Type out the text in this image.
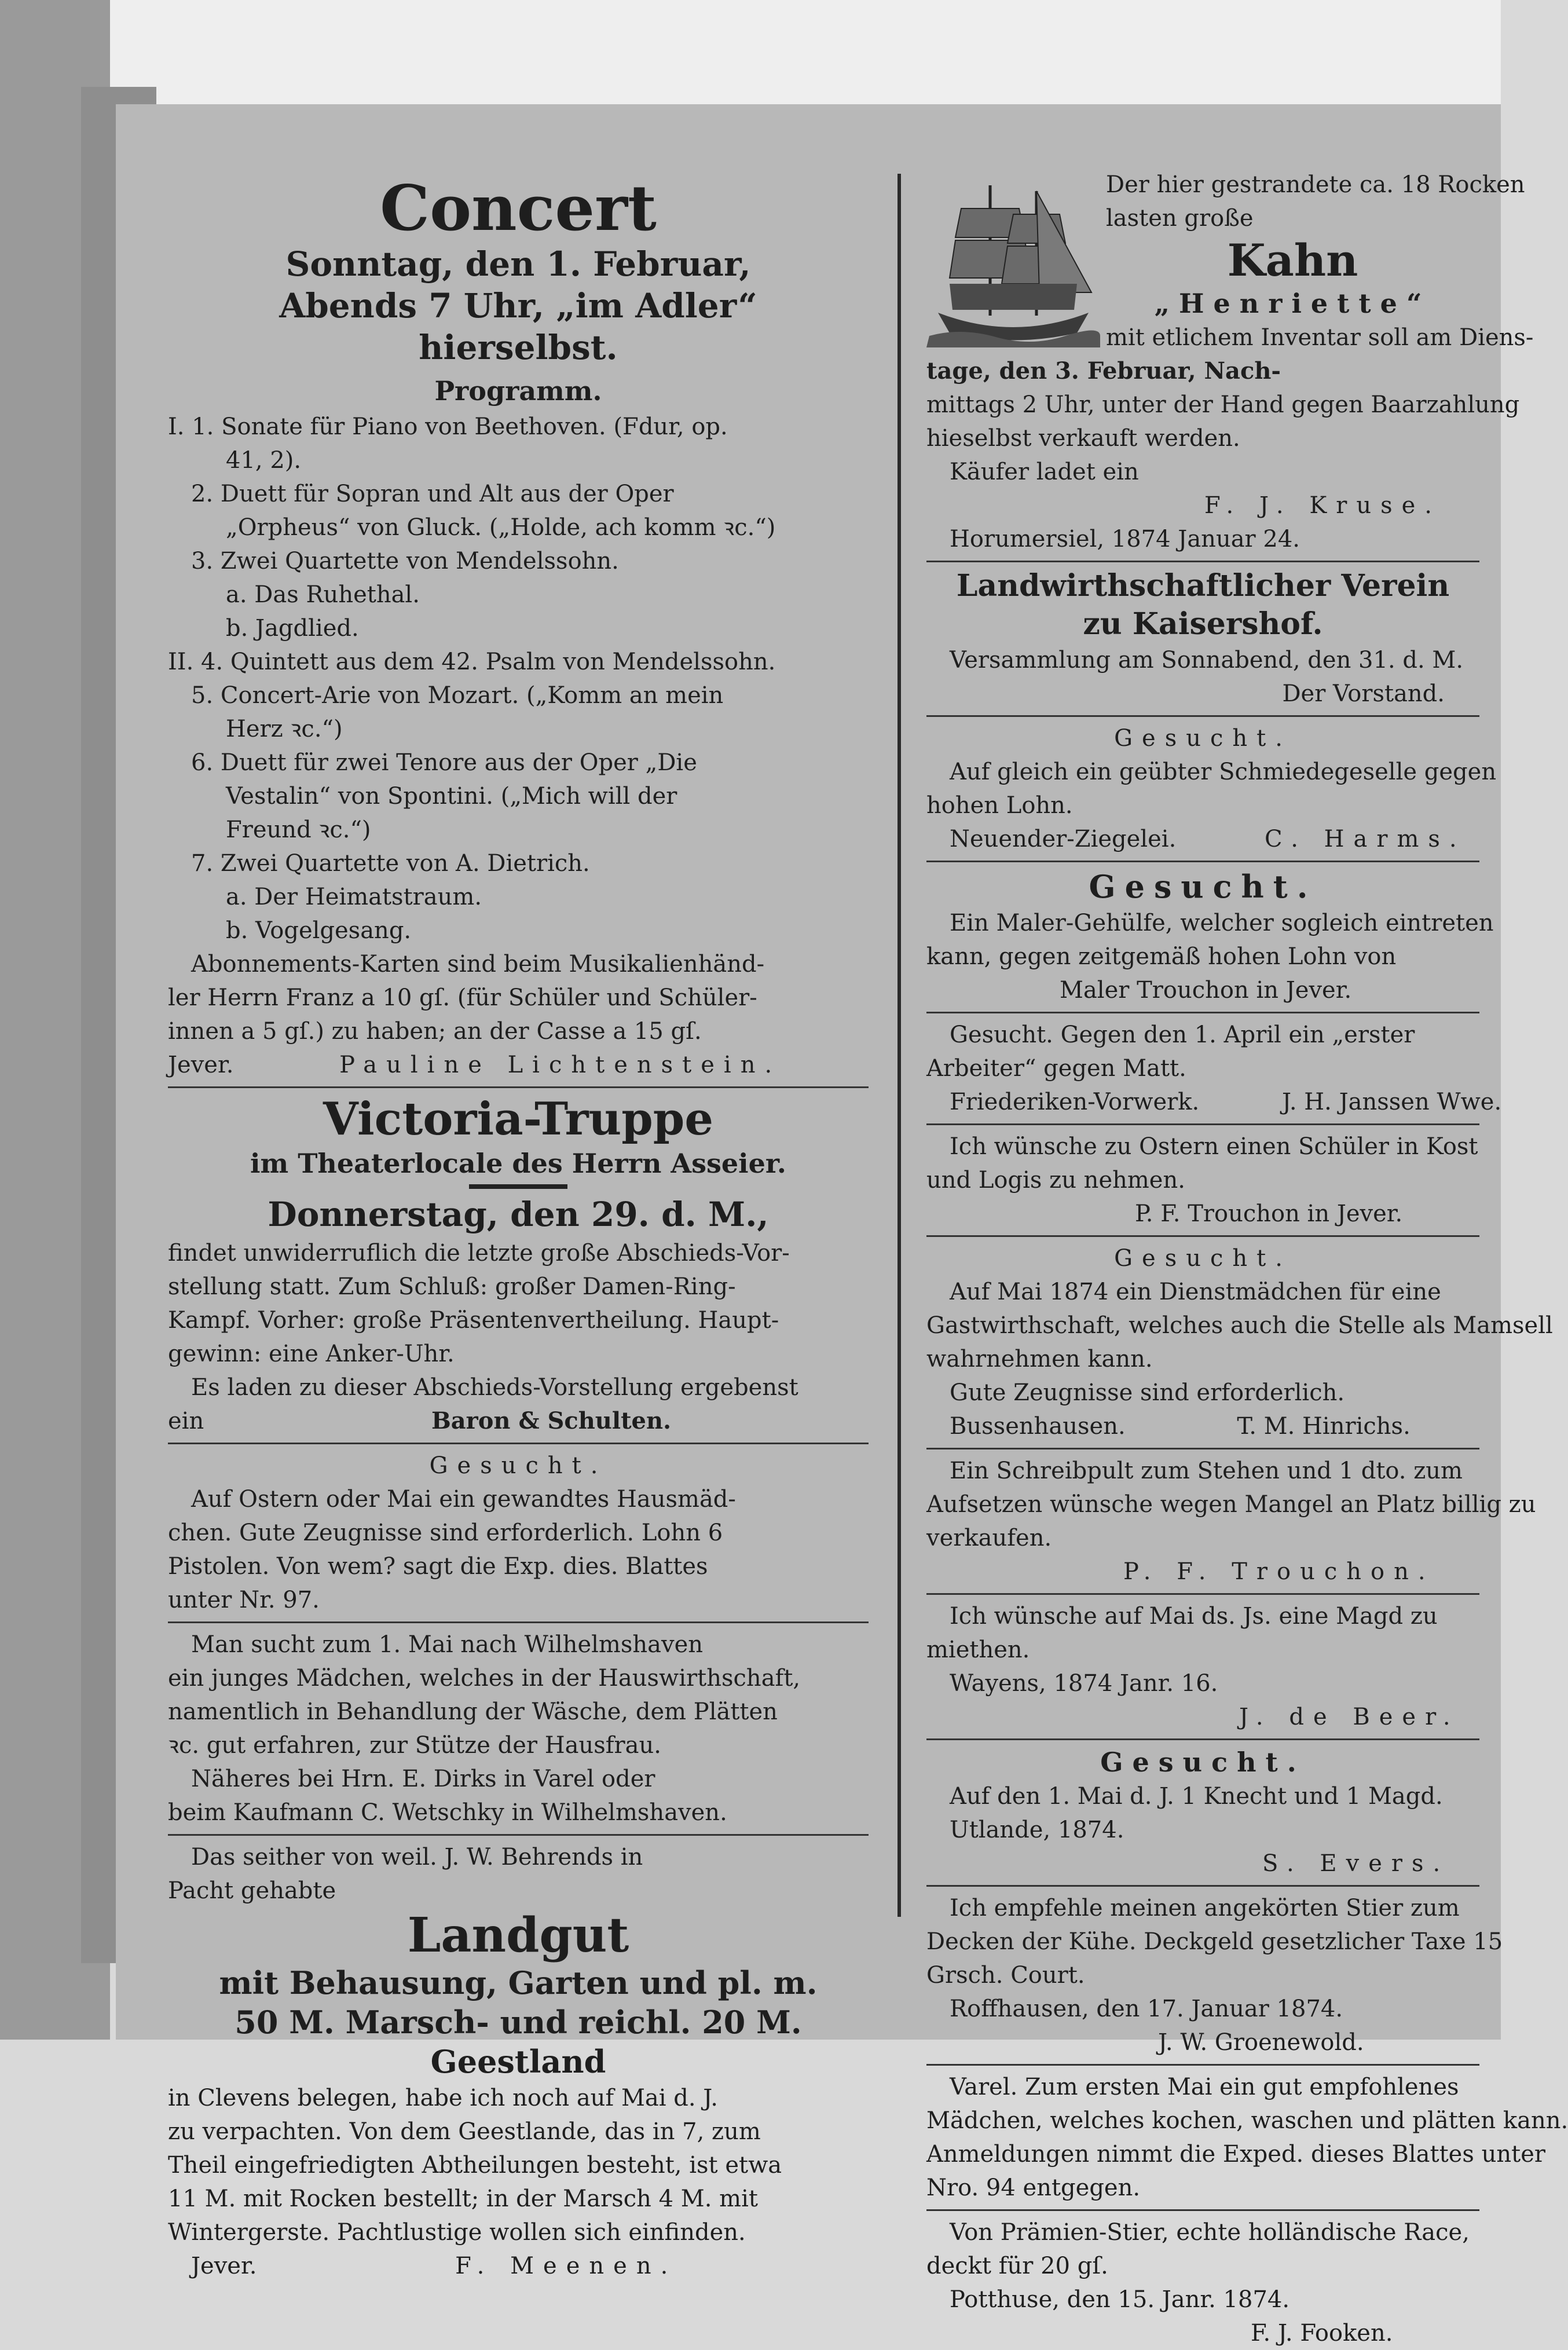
Concert
Sonntag, den 1. Februar,
Abends 7 Uhr, „im Adler“
hierselbst.
Programm.
I. 1. Sonate für Piano von Beethoven. (Fdur, op.
41, 2).
2. Duett für Sopran und Alt aus der Oper
„Orpheus“ von Gluck. („Holde, ach komm ꝛc.“)
3. Zwei Quartette von Mendelssohn.
a. Das Ruhethal.
b. Jagdlied.
II. 4. Quintett aus dem 42. Psalm von Mendelssohn.
5. Concert-Arie von Mozart. („Komm an mein
Herz ꝛc.“)
6. Duett für zwei Tenore aus der Oper „Die
Vestalin“ von Spontini. („Mich will der
Freund ꝛc.“)
7. Zwei Quartette von A. Dietrich.
a. Der Heimatstraum.
b. Vogelgesang.
Abonnements-Karten sind beim Musikalienhänd-
ler Herrn Franz a 10 gſ. (für Schüler und Schüler-
innen a 5 gſ.) zu haben; an der Casse a 15 gſ.
Jever.	Pauline Lichtenstein.
Victoria-Truppe
im Theaterlocale des Herrn Asseier.
Donnerstag, den 29. d. M.,
findet unwiderruflich die letzte große Abschieds-Vor-
stellung statt. Zum Schluß: großer Damen-Ring-
Kampf. Vorher: große Präsentenvertheilung. Haupt-
gewinn: eine Anker-Uhr.
Es laden zu dieser Abschieds-Vorstellung ergebenst
ein	Baron & Schulten.
Gesucht.
Auf Ostern oder Mai ein gewandtes Hausmäd-
chen. Gute Zeugnisse sind erforderlich. Lohn 6
Pistolen. Von wem? sagt die Exp. dies. Blattes
unter Nr. 97.
Man sucht zum 1. Mai nach Wilhelmshaven
ein junges Mädchen, welches in der Hauswirthschaft,
namentlich in Behandlung der Wäsche, dem Plätten
ꝛc. gut erfahren, zur Stütze der Hausfrau.
Näheres bei Hrn. E. Dirks in Varel oder
beim Kaufmann C. Wetschky in Wilhelmshaven.
Das seither von weil. J. W. Behrends in
Pacht gehabte
Landgut
mit Behausung, Garten und pl. m.
50 M. Marsch- und reichl. 20 M.
Geestland
in Clevens belegen, habe ich noch auf Mai d. J.
zu verpachten. Von dem Geestlande, das in 7, zum
Theil eingefriedigten Abtheilungen besteht, ist etwa
11 M. mit Rocken bestellt; in der Marsch 4 M. mit
Wintergerste. Pachtlustige wollen sich einfinden.
Jever.	F. Meenen.
Der hier gestrandete ca. 18 Rocken
lasten große
Kahn
„Henriette“
mit etlichem Inventar soll am Diens-
tage, den 3. Februar, Nach-
mittags 2 Uhr, unter der Hand gegen Baarzahlung
hieselbst verkauft werden.
Käufer ladet ein
F. J. Kruse.
Horumersiel, 1874 Januar 24.
Landwirthschaftlicher Verein
zu Kaisershof.
Versammlung am Sonnabend, den 31. d. M.
Der Vorstand.
Gesucht.
Auf gleich ein geübter Schmiedegeselle gegen
hohen Lohn.
Neuender-Ziegelei.	C. Harms.
Gesucht.
Ein Maler-Gehülfe, welcher sogleich eintreten
kann, gegen zeitgemäß hohen Lohn von
Maler Trouchon in Jever.
Gesucht. Gegen den 1. April ein „erster
Arbeiter“ gegen Matt.
Friederiken-Vorwerk.	J. H. Janssen Wwe.
Ich wünsche zu Ostern einen Schüler in Kost
und Logis zu nehmen.
P. F. Trouchon in Jever.
Gesucht.
Auf Mai 1874 ein Dienstmädchen für eine
Gastwirthschaft, welches auch die Stelle als Mamsell
wahrnehmen kann.
Gute Zeugnisse sind erforderlich.
Bussenhausen.	T. M. Hinrichs.
Ein Schreibpult zum Stehen und 1 dto. zum
Aufsetzen wünsche wegen Mangel an Platz billig zu
verkaufen.
P. F. Trouchon.
Ich wünsche auf Mai ds. Js. eine Magd zu
miethen.
Wayens, 1874 Janr. 16.
J. de Beer.
Gesucht.
Auf den 1. Mai d. J. 1 Knecht und 1 Magd.
Utlande, 1874.
S. Evers.
Ich empfehle meinen angekörten Stier zum
Decken der Kühe. Deckgeld gesetzlicher Taxe 15
Grsch. Court.
Roffhausen, den 17. Januar 1874.
J. W. Groenewold.
Varel. Zum ersten Mai ein gut empfohlenes
Mädchen, welches kochen, waschen und plätten kann.
Anmeldungen nimmt die Exped. dieses Blattes unter
Nro. 94 entgegen.
Von Prämien-Stier, echte holländische Race,
deckt für 20 gſ.
Potthuse, den 15. Janr. 1874.
F. J. Fooken.
